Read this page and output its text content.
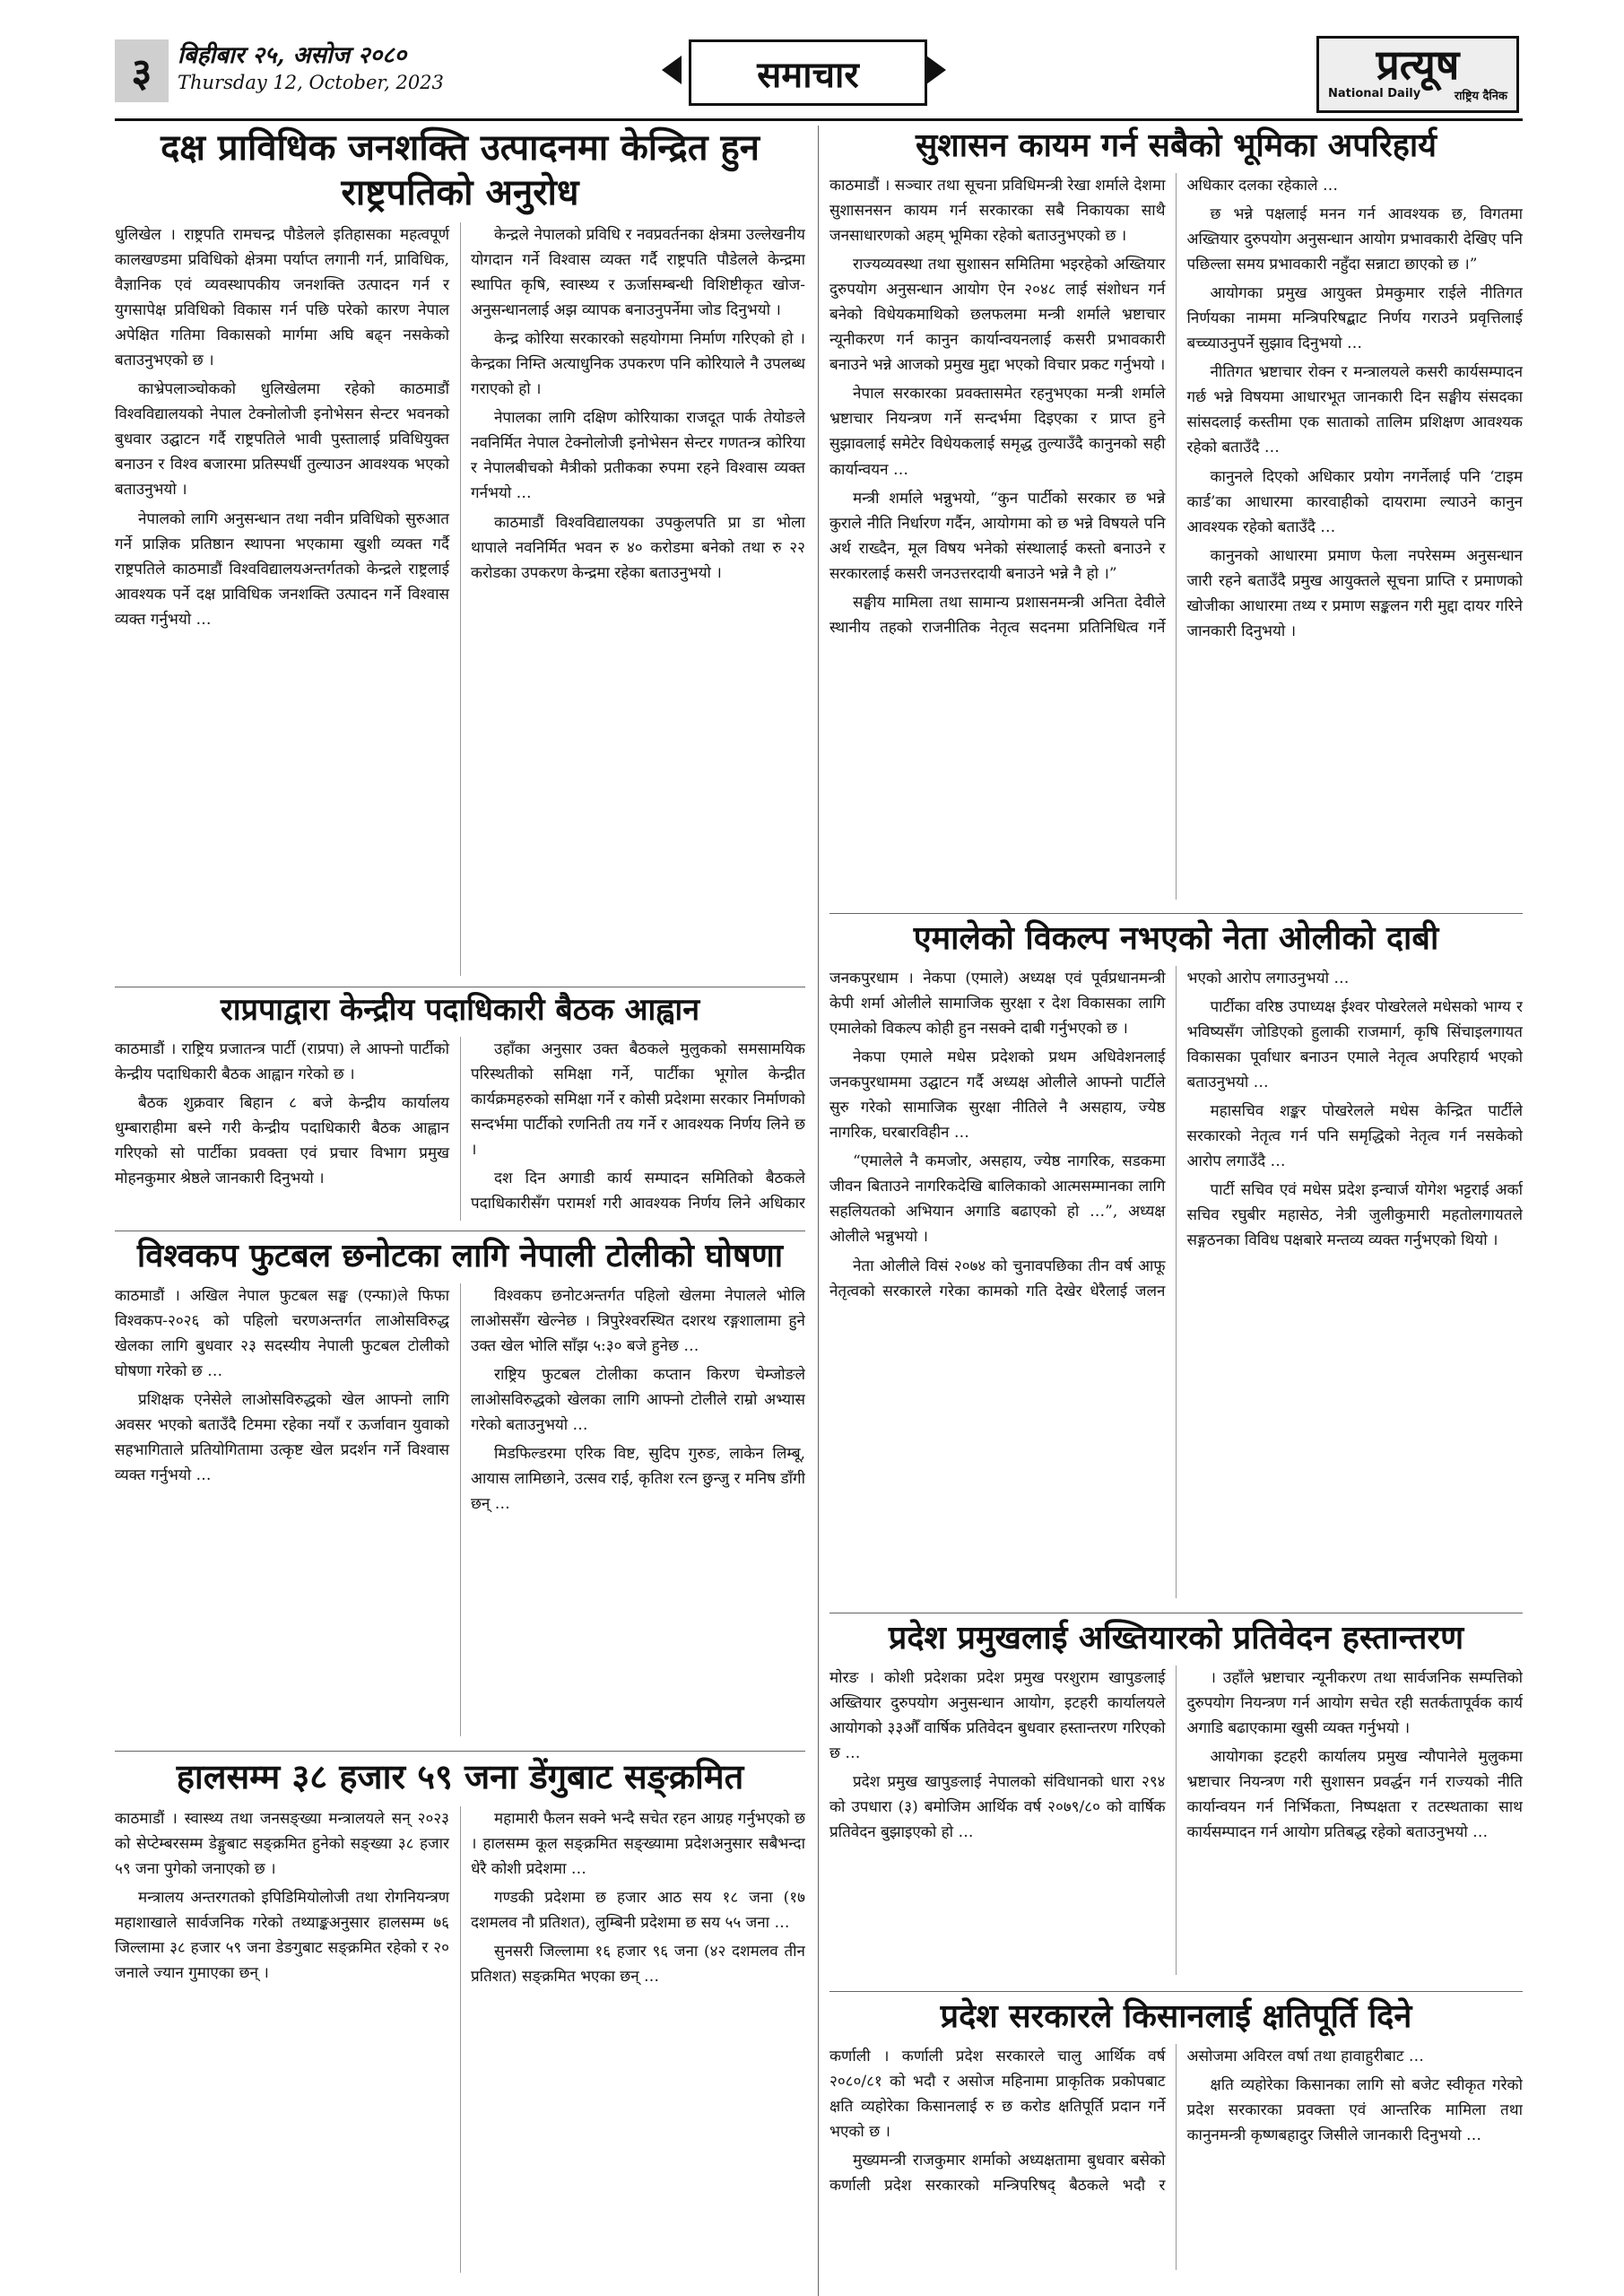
३	बिहीबार २५, असोज २०८०
Thursday 12, October, 2023	समाचार	प्रत्यूष
National Daily	राष्ट्रिय दैनिक
दक्ष प्राविधिक जनशक्ति उत्पादनमा केन्द्रित हुन
राष्ट्रपतिको अनुरोध

धुलिखेल । राष्ट्रपति रामचन्द्र पौडेलले इतिहासका महत्वपूर्ण कालखण्डमा प्रविधिको क्षेत्रमा पर्याप्त लगानी गर्न, प्राविधिक, वैज्ञानिक एवं व्यवस्थापकीय जनशक्ति उत्पादन गर्न र युगसापेक्ष प्रविधिको विकास गर्न पछि परेको कारण नेपाल अपेक्षित गतिमा विकासको मार्गमा अघि बढ्न नसकेको बताउनुभएको छ ।

काभ्रेपलाञ्चोकको धुलिखेलमा रहेको काठमाडौं विश्वविद्यालयको नेपाल टेक्नोलोजी इनोभेसन सेन्टर भवनको बुधवार उद्घाटन गर्दै राष्ट्रपतिले भावी पुस्तालाई प्रविधियुक्त बनाउन र विश्व बजारमा प्रतिस्पर्धी तुल्याउन आवश्यक भएको बताउनुभयो ।

नेपालको लागि अनुसन्धान तथा नवीन प्रविधिको सुरुआत गर्ने प्राज्ञिक प्रतिष्ठान स्थापना भएकामा खुशी व्यक्त गर्दै राष्ट्रपतिले काठमाडौं विश्वविद्यालयअन्तर्गतको केन्द्रले राष्ट्रलाई आवश्यक पर्ने दक्ष प्राविधिक जनशक्ति उत्पादन गर्ने विश्वास व्यक्त गर्नुभयो …

केन्द्रले नेपालको प्रविधि र नवप्रवर्तनका क्षेत्रमा उल्लेखनीय योगदान गर्ने विश्वास व्यक्त गर्दै राष्ट्रपति पौडेलले केन्द्रमा स्थापित कृषि, स्वास्थ्य र ऊर्जासम्बन्धी विशिष्टीकृत खोज-अनुसन्धानलाई अझ व्यापक बनाउनुपर्नेमा जोड दिनुभयो ।

केन्द्र कोरिया सरकारको सहयोगमा निर्माण गरिएको हो । केन्द्रका निम्ति अत्याधुनिक उपकरण पनि कोरियाले नै उपलब्ध गराएको हो ।

नेपालका लागि दक्षिण कोरियाका राजदूत पार्क तेयोङले नवनिर्मित नेपाल टेक्नोलोजी इनोभेसन सेन्टर गणतन्त्र कोरिया र नेपालबीचको मैत्रीको प्रतीकका रुपमा रहने विश्वास व्यक्त गर्नभयो …

काठमाडौं विश्वविद्यालयका उपकुलपति प्रा डा भोला थापाले नवनिर्मित भवन रु ४० करोडमा बनेको तथा रु २२ करोडका उपकरण केन्द्रमा रहेका बताउनुभयो ।

राप्रपाद्वारा केन्द्रीय पदाधिकारी बैठक आह्वान

काठमाडौं । राष्ट्रिय प्रजातन्त्र पार्टी (राप्रपा) ले आफ्नो पार्टीको केन्द्रीय पदाधिकारी बैठक आह्वान गरेको छ ।

बैठक शुक्रवार बिहान ८ बजे केन्द्रीय कार्यालय धुम्बाराहीमा बस्ने गरी केन्द्रीय पदाधिकारी बैठक आह्वान गरिएको सो पार्टीका प्रवक्ता एवं प्रचार विभाग प्रमुख मोहनकुमार श्रेष्ठले जानकारी दिनुभयो ।

उहाँका अनुसार उक्त बैठकले मुलुकको समसामयिक परिस्थतीको समिक्षा गर्ने, पार्टीका भूगोल केन्द्रीत कार्यक्रमहरुको समिक्षा गर्ने र कोसी प्रदेशमा सरकार निर्माणको सन्दर्भमा पार्टीको रणनिती तय गर्ने र आवश्यक निर्णय लिने छ ।

दश दिन अगाडी कार्य सम्पादन समितिको बैठकले पदाधिकारीसँग परामर्श गरी आवश्यक निर्णय लिने अधिकार

विश्वकप फुटबल छनोटका लागि नेपाली टोलीको घोषणा

काठमाडौं । अखिल नेपाल फुटबल सङ्घ (एन्फा)ले फिफा विश्वकप-२०२६ को पहिलो चरणअन्तर्गत लाओसविरुद्ध खेलका लागि बुधवार २३ सदस्यीय नेपाली फुटबल टोलीको घोषणा गरेको छ …

प्रशिक्षक एनेसेले लाओसविरुद्धको खेल आफ्नो लागि अवसर भएको बताउँदै टिममा रहेका नयाँ र ऊर्जावान युवाको सहभागिताले प्रतियोगितामा उत्कृष्ट खेल प्रदर्शन गर्ने विश्वास व्यक्त गर्नुभयो …

विश्वकप छनोटअन्तर्गत पहिलो खेलमा नेपालले भोलि लाओससँग खेल्नेछ । त्रिपुरेश्वरस्थित दशरथ रङ्गशालामा हुने उक्त खेल भोलि साँझ ५:३० बजे हुनेछ …

राष्ट्रिय फुटबल टोलीका कप्तान किरण चेम्जोङले लाओसविरुद्धको खेलका लागि आफ्नो टोलीले राम्रो अभ्यास गरेको बताउनुभयो …

मिडफिल्डरमा एरिक विष्ट, सुदिप गुरुङ, लाकेन लिम्बू, आयास लामिछाने, उत्सव राई, कृतिश रत्न छुन्जु र मनिष डाँगी छन् …

हालसम्म ३८ हजार ५९ जना डेंगुबाट सङ्क्रमित

काठमाडौं । स्वास्थ्य तथा जनसङ्ख्या मन्त्रालयले सन् २०२३ को सेप्टेम्बरसम्म डेङ्गुबाट सङ्क्रमित हुनेको सङ्ख्या ३८ हजार ५९ जना पुगेको जनाएको छ ।

मन्त्रालय अन्तरगतको इपिडिमियोलोजी तथा रोगनियन्त्रण महाशाखाले सार्वजनिक गरेको तथ्याङ्कअनुसार हालसम्म ७६ जिल्लामा ३८ हजार ५९ जना डेङगुबाट सङ्क्रमित रहेको र २० जनाले ज्यान गुमाएका छन् ।

महामारी फैलन सक्ने भन्दै सचेत रहन आग्रह गर्नुभएको छ । हालसम्म कूल सङ्क्रमित सङ्ख्यामा प्रदेशअनुसार सबैभन्दा धेरै कोशी प्रदेशमा …

गण्डकी प्रदेशमा छ हजार आठ सय १८ जना (१७ दशमलव नौ प्रतिशत), लुम्बिनी प्रदेशमा छ सय ५५ जना …

सुनसरी जिल्लामा १६ हजार ९६ जना (४२ दशमलव तीन प्रतिशत) सङ्क्रमित भएका छन् …

सुशासन कायम गर्न सबैको भूमिका अपरिहार्य

काठमाडौं । सञ्चार तथा सूचना प्रविधिमन्त्री रेखा शर्माले देशमा सुशासनसन कायम गर्न सरकारका सबै निकायका साथै जनसाधारणको अहम् भूमिका रहेको बताउनुभएको छ ।

राज्यव्यवस्था तथा सुशासन समितिमा भइरहेको अख्तियार दुरुपयोग अनुसन्धान आयोग ऐन २०४८ लाई संशोधन गर्न बनेको विधेयकमाथिको छलफलमा मन्त्री शर्माले भ्रष्टाचार न्यूनीकरण गर्न कानुन कार्यान्वयनलाई कसरी प्रभावकारी बनाउने भन्ने आजको प्रमुख मुद्दा भएको विचार प्रकट गर्नुभयो ।

नेपाल सरकारका प्रवक्तासमेत रहनुभएका मन्त्री शर्माले भ्रष्टाचार नियन्त्रण गर्ने सन्दर्भमा दिइएका र प्राप्त हुने सुझावलाई समेटेर विधेयकलाई समृद्ध तुल्याउँदै कानुनको सही कार्यान्वयन …

मन्त्री शर्माले भन्नुभयो, “कुन पार्टीको सरकार छ भन्ने कुराले नीति निर्धारण गर्दैन, आयोगमा को छ भन्ने विषयले पनि अर्थ राख्दैन, मूल विषय भनेको संस्थालाई कस्तो बनाउने र सरकारलाई कसरी जनउत्तरदायी बनाउने भन्ने नै हो ।”

सङ्घीय मामिला तथा सामान्य प्रशासनमन्त्री अनिता देवीले स्थानीय तहको राजनीतिक नेतृत्व सदनमा प्रतिनिधित्व गर्ने अधिकार दलका रहेकाले …

छ भन्ने पक्षलाई मनन गर्न आवश्यक छ, विगतमा अख्तियार दुरुपयोग अनुसन्धान आयोग प्रभावकारी देखिए पनि पछिल्ला समय प्रभावकारी नहुँदा सन्नाटा छाएको छ ।”

आयोगका प्रमुख आयुक्त प्रेमकुमार राईले नीतिगत निर्णयका नाममा मन्त्रिपरिषद्बाट निर्णय गराउने प्रवृत्तिलाई बच्च्याउनुपर्ने सुझाव दिनुभयो …

नीतिगत भ्रष्टाचार रोक्न र मन्त्रालयले कसरी कार्यसम्पादन गर्छ भन्ने विषयमा आधारभूत जानकारी दिन सङ्घीय संसदका सांसदलाई कस्तीमा एक साताको तालिम प्रशिक्षण आवश्यक रहेको बताउँदै …

कानुनले दिएको अधिकार प्रयोग नगर्नेलाई पनि ‘टाइम कार्ड’का आधारमा कारवाहीको दायरामा ल्याउने कानुन आवश्यक रहेको बताउँदै …

कानुनको आधारमा प्रमाण फेला नपरेसम्म अनुसन्धान जारी रहने बताउँदै प्रमुख आयुक्तले सूचना प्राप्ति र प्रमाणको खोजीका आधारमा तथ्य र प्रमाण सङ्कलन गरी मुद्दा दायर गरिने जानकारी दिनुभयो ।

एमालेको विकल्प नभएको नेता ओलीको दाबी

जनकपुरधाम । नेकपा (एमाले) अध्यक्ष एवं पूर्वप्रधानमन्त्री केपी शर्मा ओलीले सामाजिक सुरक्षा र देश विकासका लागि एमालेको विकल्प कोही हुन नसक्ने दाबी गर्नुभएको छ ।

नेकपा एमाले मधेस प्रदेशको प्रथम अधिवेशनलाई जनकपुरधाममा उद्घाटन गर्दै अध्यक्ष ओलीले आफ्नो पार्टीले सुरु गरेको सामाजिक सुरक्षा नीतिले नै असहाय, ज्येष्ठ नागरिक, घरबारविहीन …

“एमालेले नै कमजोर, असहाय, ज्येष्ठ नागरिक, सडकमा जीवन बिताउने नागरिकदेखि बालिकाको आत्मसम्मानका लागि सहलियतको अभियान अगाडि बढाएको हो …”, अध्यक्ष ओलीले भन्नुभयो ।

नेता ओलीले विसं २०७४ को चुनावपछिका तीन वर्ष आफू नेतृत्वको सरकारले गरेका कामको गति देखेर धेरैलाई जलन भएको आरोप लगाउनुभयो …

पार्टीका वरिष्ठ उपाध्यक्ष ईश्वर पोखरेलले मधेसको भाग्य र भविष्यसँग जोडिएको हुलाकी राजमार्ग, कृषि सिंचाइलगायत विकासका पूर्वाधार बनाउन एमाले नेतृत्व अपरिहार्य भएको बताउनुभयो …

महासचिव शङ्कर पोखरेलले मधेस केन्द्रित पार्टीले सरकारको नेतृत्व गर्न पनि समृद्धिको नेतृत्व गर्न नसकेको आरोप लगाउँदै …

पार्टी सचिव एवं मधेस प्रदेश इन्चार्ज योगेश भट्टराई अर्का सचिव रघुबीर महासेठ, नेत्री जुलीकुमारी महतोलगायतले सङ्गठनका विविध पक्षबारे मन्तव्य व्यक्त गर्नुभएको थियो ।

प्रदेश प्रमुखलाई अख्तियारको प्रतिवेदन हस्तान्तरण

मोरङ । कोशी प्रदेशका प्रदेश प्रमुख परशुराम खापुङलाई अख्तियार दुरुपयोग अनुसन्धान आयोग, इटहरी कार्यालयले आयोगको ३३औँ वार्षिक प्रतिवेदन बुधवार हस्तान्तरण गरिएको छ …

प्रदेश प्रमुख खापुङलाई नेपालको संविधानको धारा २९४ को उपधारा (३) बमोजिम आर्थिक वर्ष २०७९/८० को वार्षिक प्रतिवेदन बुझाइएको हो …

। उहाँले भ्रष्टाचार न्यूनीकरण तथा सार्वजनिक सम्पत्तिको दुरुपयोग नियन्त्रण गर्न आयोग सचेत रही सतर्कतापूर्वक कार्य अगाडि बढाएकामा खुसी व्यक्त गर्नुभयो ।

आयोगका इटहरी कार्यालय प्रमुख न्यौपानेले मुलुकमा भ्रष्टाचार नियन्त्रण गरी सुशासन प्रवर्द्धन गर्न राज्यको नीति कार्यान्वयन गर्न निर्भिकता, निष्पक्षता र तटस्थताका साथ कार्यसम्पादन गर्न आयोग प्रतिबद्ध रहेको बताउनुभयो …

प्रदेश सरकारले किसानलाई क्षतिपूर्ति दिने

कर्णाली । कर्णाली प्रदेश सरकारले चालु आर्थिक वर्ष २०८०/८१ को भदौ र असोज महिनामा प्राकृतिक प्रकोपबाट क्षति व्यहोरेका किसानलाई रु छ करोड क्षतिपूर्ति प्रदान गर्ने भएको छ ।

मुख्यमन्त्री राजकुमार शर्माको अध्यक्षतामा बुधवार बसेको कर्णाली प्रदेश सरकारको मन्त्रिपरिषद् बैठकले भदौ र असोजमा अविरल वर्षा तथा हावाहुरीबाट …

क्षति व्यहोरेका किसानका लागि सो बजेट स्वीकृत गरेको प्रदेश सरकारका प्रवक्ता एवं आन्तरिक मामिला तथा कानुनमन्त्री कृष्णबहादुर जिसीले जानकारी दिनुभयो …
